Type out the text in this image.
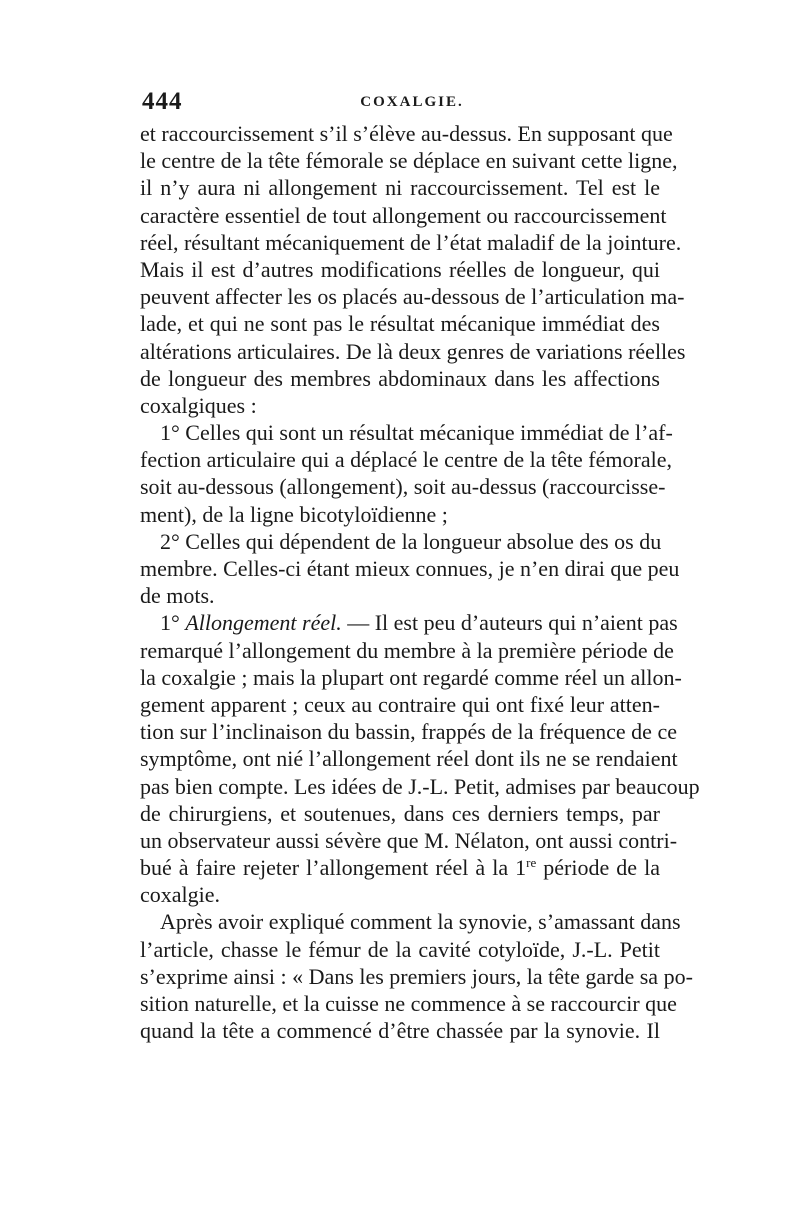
444	COXALGIE.
et raccourcissement s’il s’élève au-dessus. En supposant que
le centre de la tête fémorale se déplace en suivant cette ligne,
il n’y aura ni allongement ni raccourcissement. Tel est le
caractère essentiel de tout allongement ou raccourcissement
réel, résultant mécaniquement de l’état maladif de la jointure.
Mais il est d’autres modifications réelles de longueur, qui
peuvent affecter les os placés au-dessous de l’articulation ma-
lade, et qui ne sont pas le résultat mécanique immédiat des
altérations articulaires. De là deux genres de variations réelles
de longueur des membres abdominaux dans les affections
coxalgiques :
1° Celles qui sont un résultat mécanique immédiat de l’af-
fection articulaire qui a déplacé le centre de la tête fémorale,
soit au-dessous (allongement), soit au-dessus (raccourcisse-
ment), de la ligne bicotyloïdienne ;
2° Celles qui dépendent de la longueur absolue des os du
membre. Celles-ci étant mieux connues, je n’en dirai que peu
de mots.
1° Allongement réel. — Il est peu d’auteurs qui n’aient pas
remarqué l’allongement du membre à la première période de
la coxalgie ; mais la plupart ont regardé comme réel un allon-
gement apparent ; ceux au contraire qui ont fixé leur atten-
tion sur l’inclinaison du bassin, frappés de la fréquence de ce
symptôme, ont nié l’allongement réel dont ils ne se rendaient
pas bien compte. Les idées de J.-L. Petit, admises par beaucoup
de chirurgiens, et soutenues, dans ces derniers temps, par
un observateur aussi sévère que M. Nélaton, ont aussi contri-
bué à faire rejeter l’allongement réel à la 1re période de la
coxalgie.
Après avoir expliqué comment la synovie, s’amassant dans
l’article, chasse le fémur de la cavité cotyloïde, J.-L. Petit
s’exprime ainsi : « Dans les premiers jours, la tête garde sa po-
sition naturelle, et la cuisse ne commence à se raccourcir que
quand la tête a commencé d’être chassée par la synovie. Il
